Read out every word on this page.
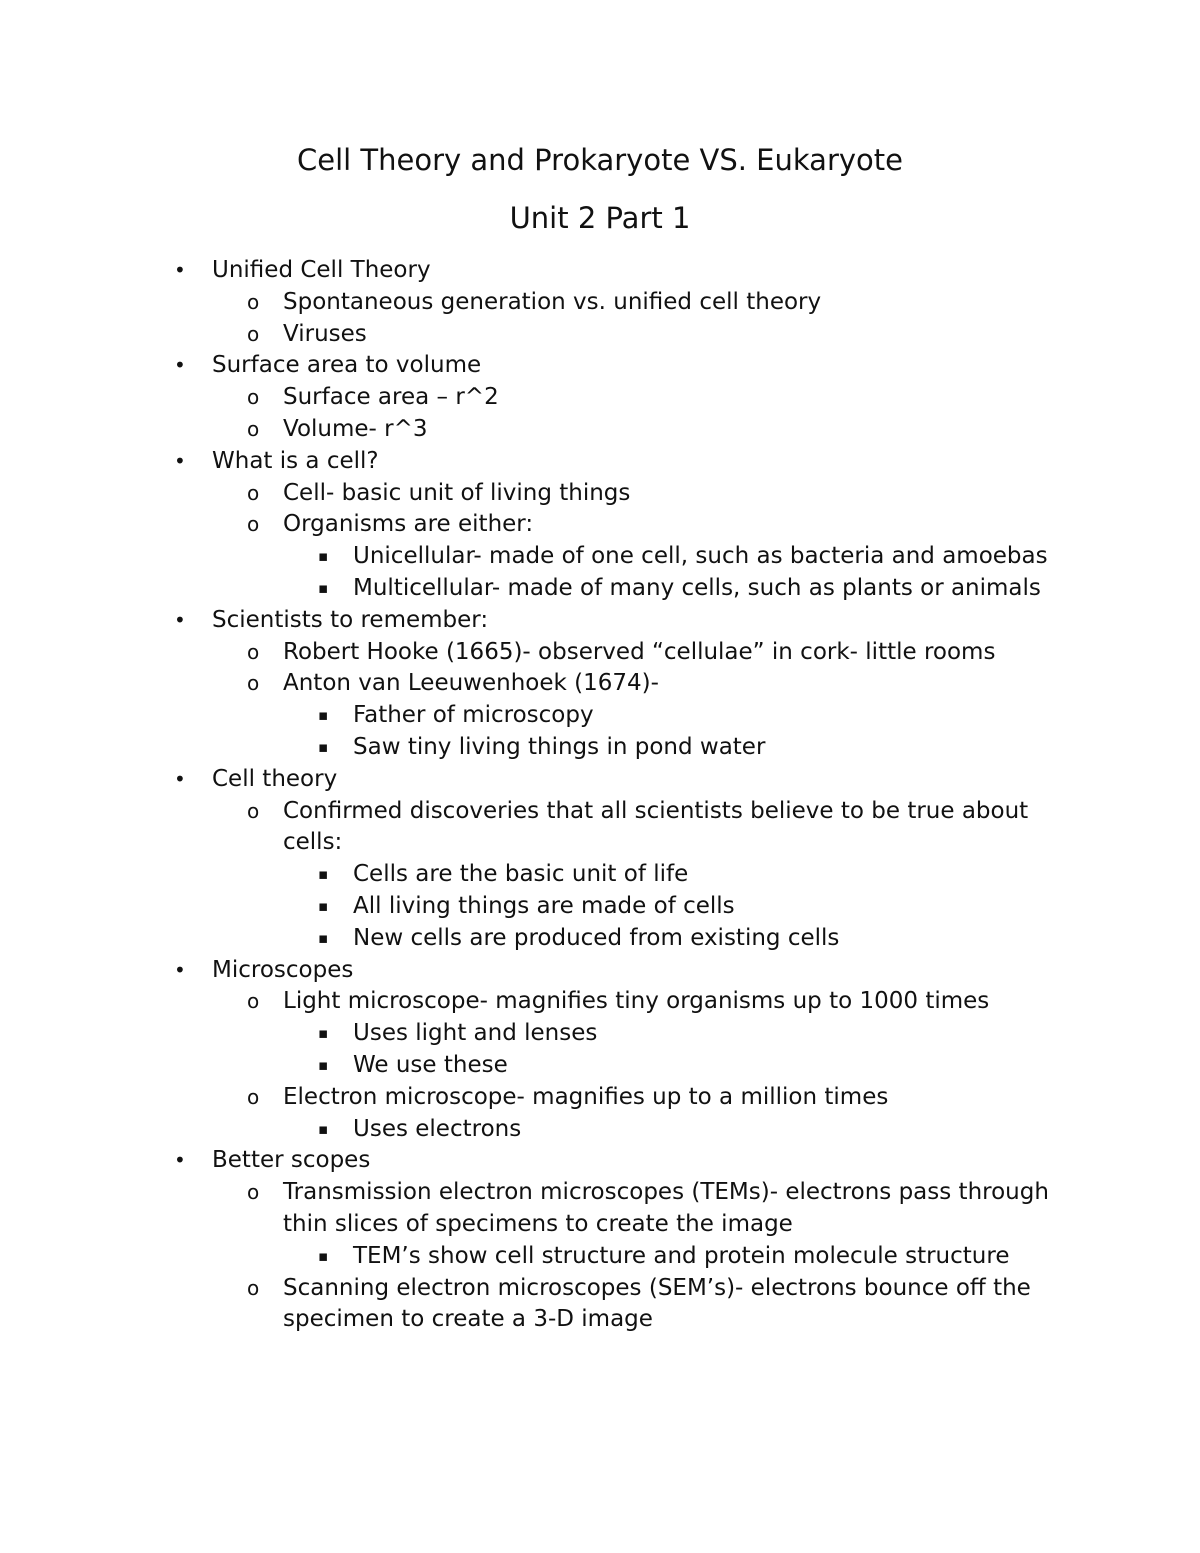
Cell Theory and Prokaryote VS. Eukaryote
Unit 2 Part 1
• Unified Cell Theory
o Spontaneous generation vs. unified cell theory
o Viruses
• Surface area to volume
o Surface area – r^2
o Volume- r^3
• What is a cell?
o Cell- basic unit of living things
o Organisms are either:
▪ Unicellular- made of one cell, such as bacteria and amoebas
▪ Multicellular- made of many cells, such as plants or animals
• Scientists to remember:
o Robert Hooke (1665)- observed “cellulae” in cork- little rooms
o Anton van Leeuwenhoek (1674)-
▪ Father of microscopy
▪ Saw tiny living things in pond water
• Cell theory
o Confirmed discoveries that all scientists believe to be true about cells:
▪ Cells are the basic unit of life
▪ All living things are made of cells
▪ New cells are produced from existing cells
• Microscopes
o Light microscope- magnifies tiny organisms up to 1000 times
▪ Uses light and lenses
▪ We use these
o Electron microscope- magnifies up to a million times
▪ Uses electrons
• Better scopes
o Transmission electron microscopes (TEMs)- electrons pass through thin slices of specimens to create the image
▪ TEM’s show cell structure and protein molecule structure
o Scanning electron microscopes (SEM’s)- electrons bounce off the specimen to create a 3-D image
